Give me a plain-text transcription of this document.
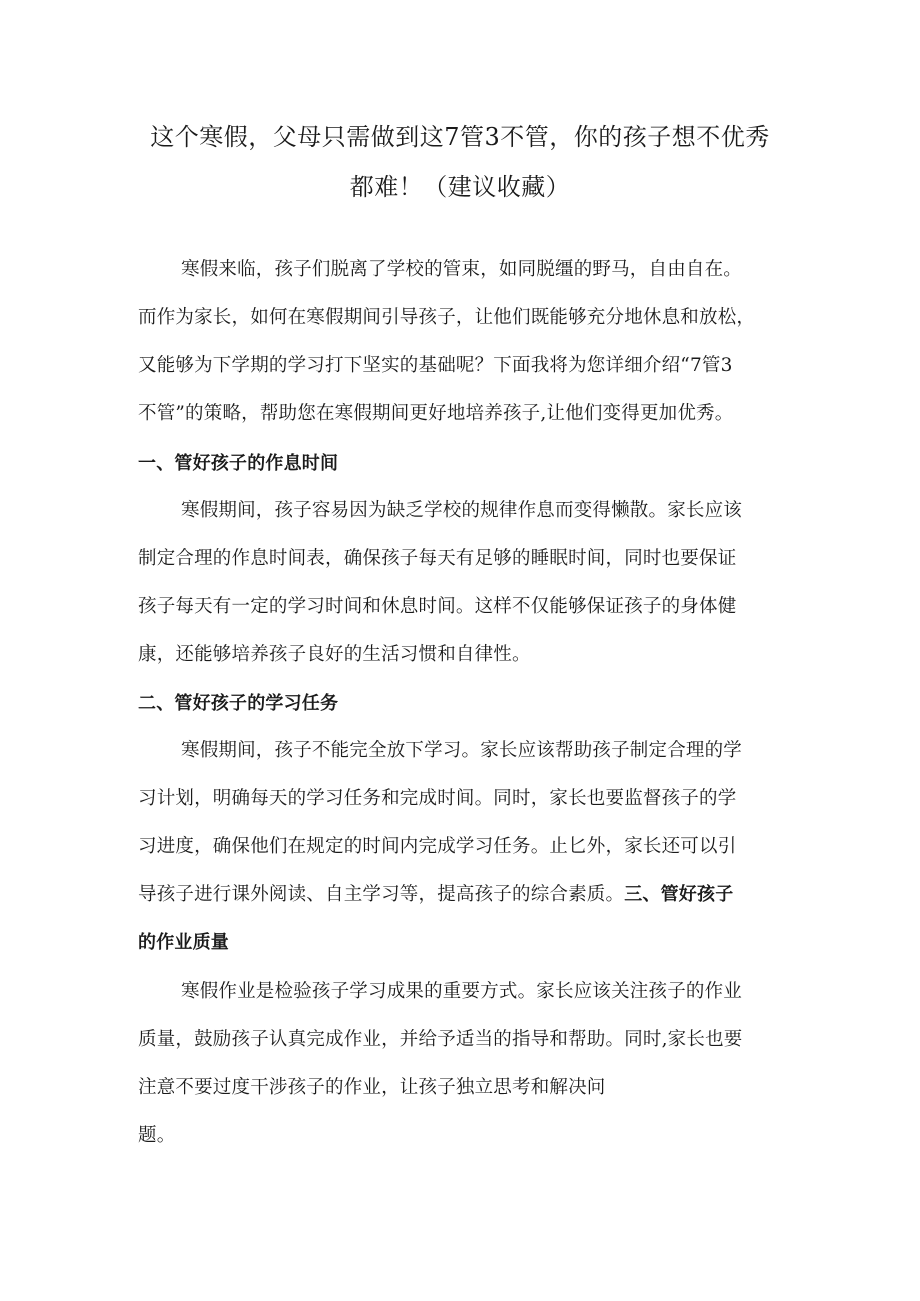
这个寒假，父母只需做到这7管3不管，你的孩子想不优秀
都难！（建议收藏）
寒假来临，孩子们脱离了学校的管束，如同脱缰的野马，自由自在。
而作为家长，如何在寒假期间引导孩子，让他们既能够充分地休息和放松，
又能够为下学期的学习打下坚实的基础呢？下面我将为您详细介绍“7管3
不管”的策略，帮助您在寒假期间更好地培养孩子,让他们变得更加优秀。
一、管好孩子的作息时间
寒假期间，孩子容易因为缺乏学校的规律作息而变得懒散。家长应该
制定合理的作息时间表，确保孩子每天有足够的睡眠时间，同时也要保证
孩子每天有一定的学习时间和休息时间。这样不仅能够保证孩子的身体健
康，还能够培养孩子良好的生活习惯和自律性。
二、管好孩子的学习任务
寒假期间，孩子不能完全放下学习。家长应该帮助孩子制定合理的学
习计划，明确每天的学习任务和完成时间。同时，家长也要监督孩子的学
习进度，确保他们在规定的时间内完成学习任务。止匕外，家长还可以引
导孩子进行课外阅读、自主学习等，提高孩子的综合素质。三、管好孩子
的作业质量
寒假作业是检验孩子学习成果的重要方式。家长应该关注孩子的作业
质量，鼓励孩子认真完成作业，并给予适当的指导和帮助。同时,家长也要
注意不要过度干涉孩子的作业，让孩子独立思考和解决问
题。
